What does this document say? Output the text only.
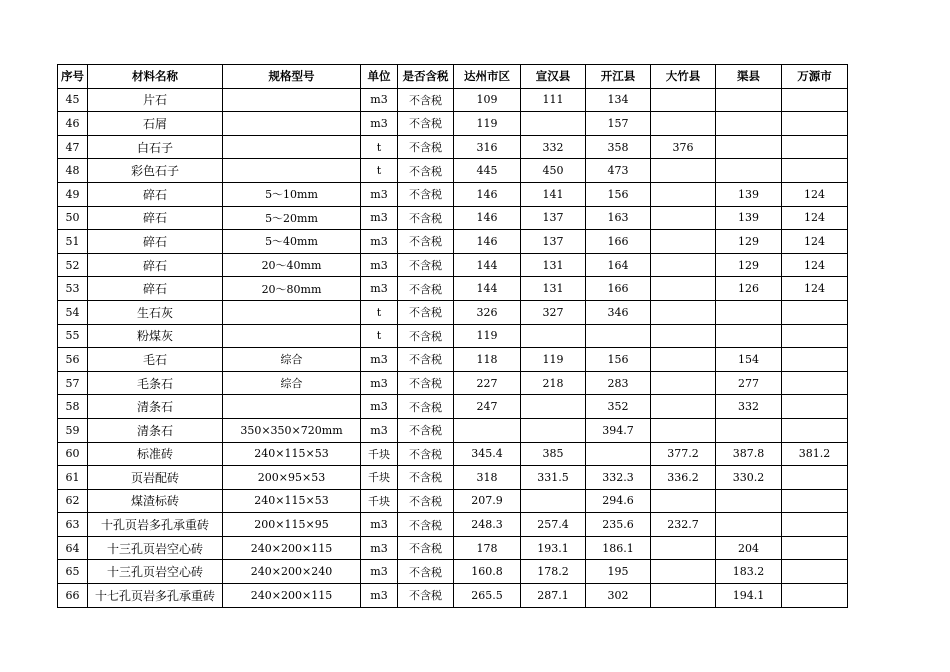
序号	材料名称	规格型号	单位	是否含税	达州市区	宣汉县	开江县	大竹县	渠县	万源市
45	片石		m3	不含税	109	111	134			
46	石屑		m3	不含税	119		157			
47	白石子		t	不含税	316	332	358	376		
48	彩色石子		t	不含税	445	450	473			
49	碎石	5～10mm	m3	不含税	146	141	156		139	124
50	碎石	5～20mm	m3	不含税	146	137	163		139	124
51	碎石	5～40mm	m3	不含税	146	137	166		129	124
52	碎石	20～40mm	m3	不含税	144	131	164		129	124
53	碎石	20～80mm	m3	不含税	144	131	166		126	124
54	生石灰		t	不含税	326	327	346			
55	粉煤灰		t	不含税	119					
56	毛石	综合	m3	不含税	118	119	156		154	
57	毛条石	综合	m3	不含税	227	218	283		277	
58	清条石		m3	不含税	247		352		332	
59	清条石	350×350×720mm	m3	不含税			394.7			
60	标准砖	240×115×53	千块	不含税	345.4	385		377.2	387.8	381.2
61	页岩配砖	200×95×53	千块	不含税	318	331.5	332.3	336.2	330.2	
62	煤渣标砖	240×115×53	千块	不含税	207.9		294.6			
63	十孔页岩多孔承重砖	200×115×95	m3	不含税	248.3	257.4	235.6	232.7		
64	十三孔页岩空心砖	240×200×115	m3	不含税	178	193.1	186.1		204	
65	十三孔页岩空心砖	240×200×240	m3	不含税	160.8	178.2	195		183.2	
66	十七孔页岩多孔承重砖	240×200×115	m3	不含税	265.5	287.1	302		194.1	
